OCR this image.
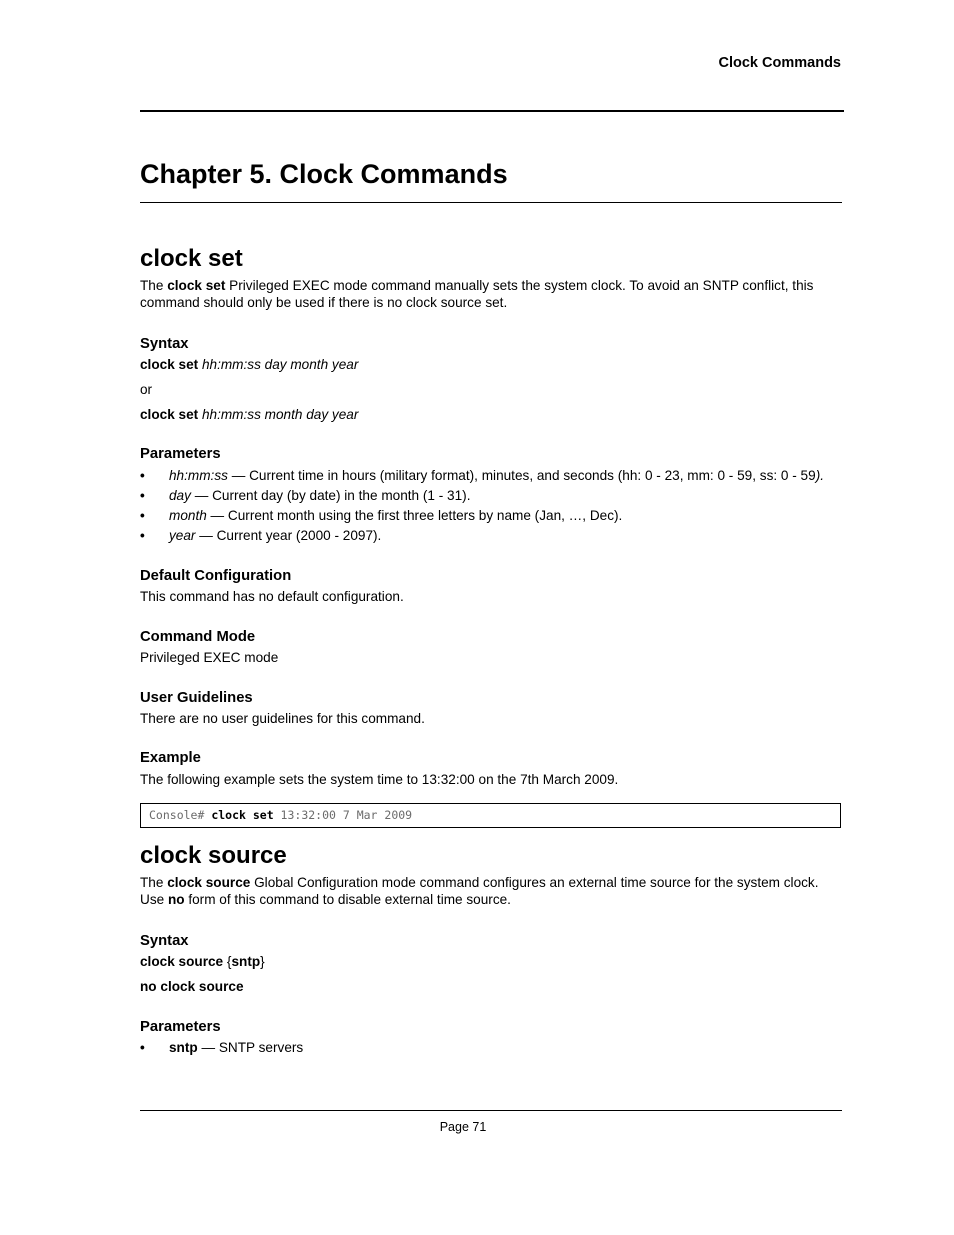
Clock Commands
Chapter 5. Clock Commands
clock set
The clock set Privileged EXEC mode command manually sets the system clock. To avoid an SNTP conflict, this command should only be used if there is no clock source set.
Syntax
clock set hh:mm:ss day month year
or
clock set hh:mm:ss month day year
Parameters
• hh:mm:ss — Current time in hours (military format), minutes, and seconds (hh: 0 - 23, mm: 0 - 59, ss: 0 - 59).
• day — Current day (by date) in the month (1 - 31).
• month — Current month using the first three letters by name (Jan, …, Dec).
• year — Current year (2000 - 2097).
Default Configuration
This command has no default configuration.
Command Mode
Privileged EXEC mode
User Guidelines
There are no user guidelines for this command.
Example
The following example sets the system time to 13:32:00 on the 7th March 2009.
Console# clock set 13:32:00 7 Mar 2009
clock source
The clock source Global Configuration mode command configures an external time source for the system clock. Use no form of this command to disable external time source.
Syntax
clock source {sntp}
no clock source
Parameters
• sntp — SNTP servers
Page 71
